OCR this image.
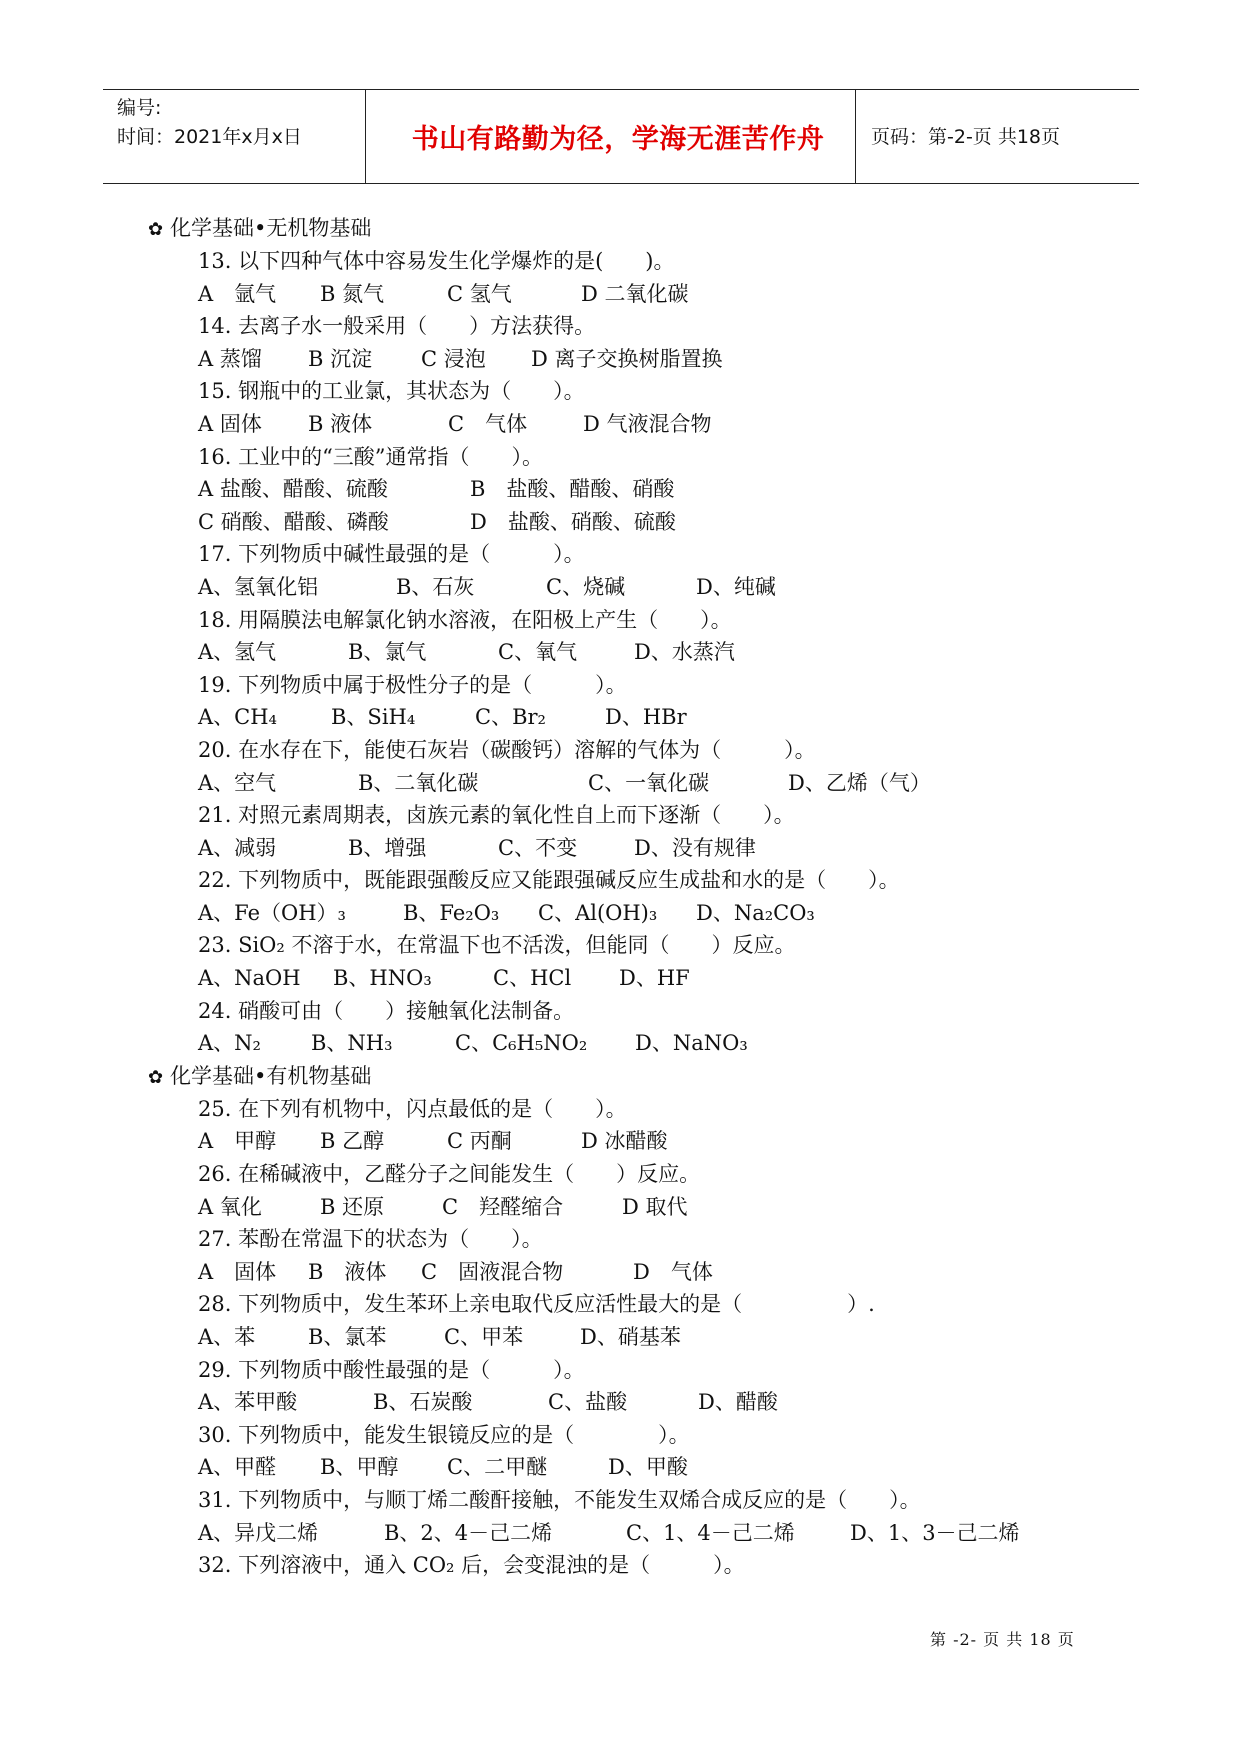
编号:
时间：2021年x月x日	书山有路勤为径，学海无涯苦作舟	页码：第-2-页 共18页
✿ 化学基础•无机物基础
13. 以下四种气体中容易发生化学爆炸的是(　　)。
A　氩气 B 氮气	C 氢气	D 二氧化碳
14. 去离子水一般采用（　　）方法获得。
A 蒸馏 B 沉淀 C 浸泡 D 离子交换树脂置换
15. 钢瓶中的工业氯，其状态为（　　）。
A 固体 B 液体	C　气体	D 气液混合物
16. 工业中的“三酸”通常指（　　）。
A 盐酸、醋酸、硫酸	B　盐酸、醋酸、硝酸
C 硝酸、醋酸、磷酸	D　盐酸、硝酸、硫酸
17. 下列物质中碱性最强的是（　　　）。
A、氢氧化铝	B、石灰	C、烧碱	D、纯碱
18. 用隔膜法电解氯化钠水溶液，在阳极上产生（　　）。
A、氢气	B、氯气	C、氧气	D、水蒸汽
19. 下列物质中属于极性分子的是（　　　）。
A、CH₄	B、SiH₄	C、Br₂	D、HBr
20. 在水存在下，能使石灰岩（碳酸钙）溶解的气体为（　　　）。
A、空气	B、二氧化碳	C、一氧化碳	D、乙烯（气）
21. 对照元素周期表，卤族元素的氧化性自上而下逐渐（　　）。
A、减弱	B、增强	C、不变	D、没有规律
22. 下列物质中，既能跟强酸反应又能跟强碱反应生成盐和水的是（　　）。
A、Fe（OH）₃	B、Fe₂O₃ C、Al(OH)₃ D、Na₂CO₃
23. SiO₂ 不溶于水，在常温下也不活泼，但能同（　　）反应。
A、NaOH B、HNO₃	C、HCl D、HF
24. 硝酸可由（　　）接触氧化法制备。
A、N₂ B、NH₃	C、C₆H₅NO₂ D、NaNO₃
✿ 化学基础•有机物基础
25. 在下列有机物中，闪点最低的是（　　）。
A　甲醇 B 乙醇	C 丙酮	D 冰醋酸
26. 在稀碱液中，乙醛分子之间能发生（　　）反应。
A 氧化	B 还原	C　羟醛缩合	D 取代
27. 苯酚在常温下的状态为（　　）。
A　固体 B　液体 C　固液混合物	D　气体
28. 下列物质中，发生苯环上亲电取代反应活性最大的是（　　　　　）.
A、苯	B、氯苯	C、甲苯	D、硝基苯
29. 下列物质中酸性最强的是（　　　）。
A、苯甲酸	B、石炭酸	C、盐酸	D、醋酸
30. 下列物质中，能发生银镜反应的是（　　　　）。
A、甲醛 B、甲醇 C、二甲醚	D、甲酸
31. 下列物质中，与顺丁烯二酸酐接触，不能发生双烯合成反应的是（　　）。
A、异戊二烯	B、2、4－己二烯	C、1、4－己二烯	D、1、3－己二烯
32. 下列溶液中，通入 CO₂ 后，会变混浊的是（　　　）。
第 -2- 页 共 18 页
